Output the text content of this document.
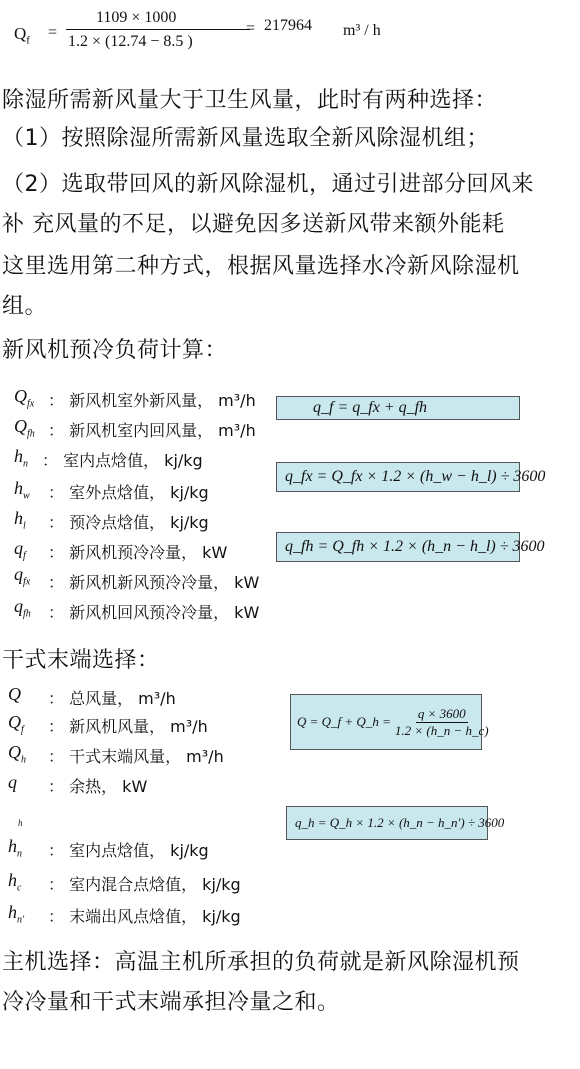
$Q_f$ =
1109 × 1000
1.2 × (12.74 − 8.5 )
= 217964 m³ / h
除湿所需新风量大于卫生风量，此时有两种选择：
（1）按照除湿所需新风量选取全新风除湿机组；
（2）选取带回风的新风除湿机，通过引进部分回风来
补 充风量的不足，以避免因多送新风带来额外能耗
这里选用第二种方式，根据风量选择水冷新风除湿机
组。
新风机预冷负荷计算：
$Q_{fx}$ ： 新风机室外新风量， m³/h
$Q_{fh}$ ： 新风机室内回风量， m³/h
$h_n$ ： 室内点焓值， kj/kg
$h_w$ ： 室外点焓值， kj/kg
$h_l$ ： 预冷点焓值， kj/kg
$q_f$ ： 新风机预冷冷量， kW
$q_{fx}$ ： 新风机新风预冷冷量， kW
$q_{fh}$ ： 新风机回风预冷冷量， kW
q_f = q_fx + q_fh
q_fx = Q_fx × 1.2 × (h_w − h_l) ÷ 3600
q_fh = Q_fh × 1.2 × (h_n − h_l) ÷ 3600
干式末端选择：
Q ： 总风量， m³/h
$Q_f$ ： 新风机风量， m³/h
$Q_h$ ： 干式末端风量， m³/h
q ： 余热， kW
h
$h_n$ ： 室内点焓值， kj/kg
$h_c$ ： 室内混合点焓值， kj/kg
$h_{n'}$ ： 末端出风点焓值， kj/kg
Q = Q_f + Q_h = $\frac{q \times 3600}{1.2 \times (h\_n - h\_c)}$
q_h = Q_h × 1.2 × (h_n − h_n') ÷ 3600
主机选择：高温主机所承担的负荷就是新风除湿机预
冷冷量和干式末端承担冷量之和。
